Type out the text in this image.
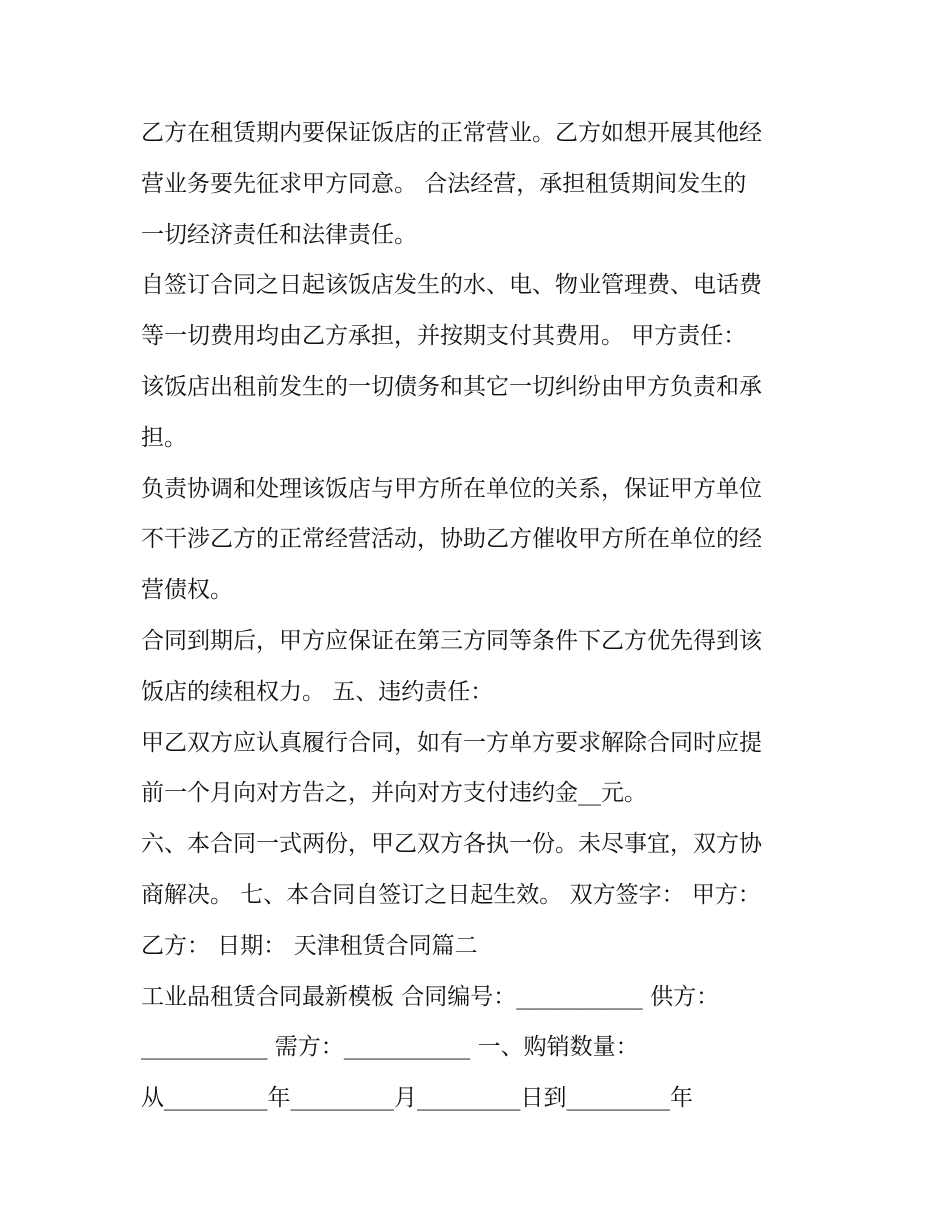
乙方在租赁期内要保证饭店的正常营业。乙方如想开展其他经
营业务要先征求甲方同意。 合法经营，承担租赁期间发生的
一切经济责任和法律责任。
自签订合同之日起该饭店发生的水、电、物业管理费、电话费
等一切费用均由乙方承担，并按期支付其费用。 甲方责任：
该饭店出租前发生的一切债务和其它一切纠纷由甲方负责和承
担。
负责协调和处理该饭店与甲方所在单位的关系，保证甲方单位
不干涉乙方的正常经营活动，协助乙方催收甲方所在单位的经
营债权。
合同到期后，甲方应保证在第三方同等条件下乙方优先得到该
饭店的续租权力。 五、违约责任：
甲乙双方应认真履行合同，如有一方单方要求解除合同时应提
前一个月向对方告之，并向对方支付违约金__元。
六、本合同一式两份，甲乙双方各执一份。未尽事宜，双方协
商解决。 七、本合同自签订之日起生效。 双方签字： 甲方：
乙方： 日期： 天津租赁合同篇二
工业品租赁合同最新模板 合同编号：___________ 供方：
___________ 需方：___________ 一、购销数量：
从_________年_________月_________日到_________年
